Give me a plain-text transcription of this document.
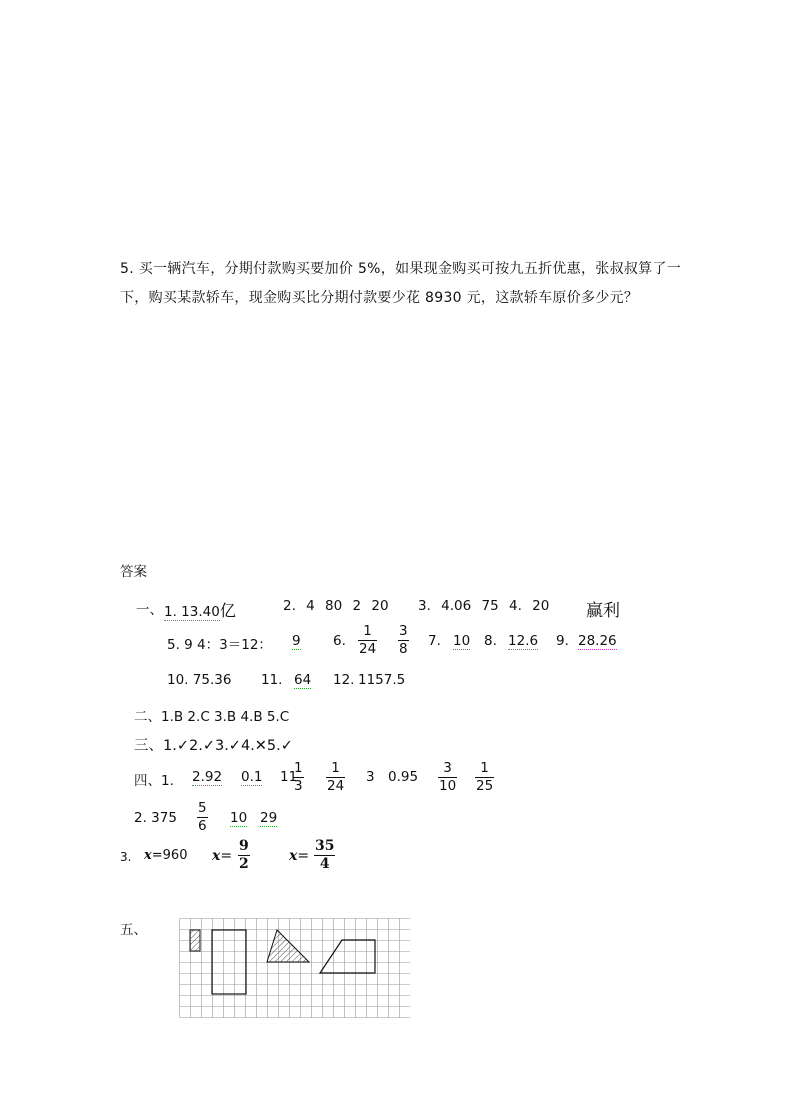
5. 买一辆汽车，分期付款购买要加价 5%，如果现金购买可按九五折优惠，张叔叔算了一
下，购买某款轿车，现金购买比分期付款要少花 8930 元，这款轿车原价多少元？
答案
一、 1. 13.40亿	2. 4 80 2 20 3. 4.06 75 4. 20 赢利
5. 9 4：3＝12： 9 6. $\frac{1}{24} \frac{3}{8} 7$. 10 8. 12.6 9. 28.26
10. 75.36 11. 64 12. 1157.5
二、1.B 2.C 3.B 4.B 5.C
三、1.✓2.✓3.✓4.✕5.✓
四、1. 2.92 0.1 11
$\frac{1}{3} \frac{1}{24} 3$ $0.95 \frac{3}{10} \frac{1}{25}$
2. $375 \frac{5}{6} 10$ 29
3. x=960 $x= \frac{9}{2}$	$x= \frac{35}{4}$
五、
